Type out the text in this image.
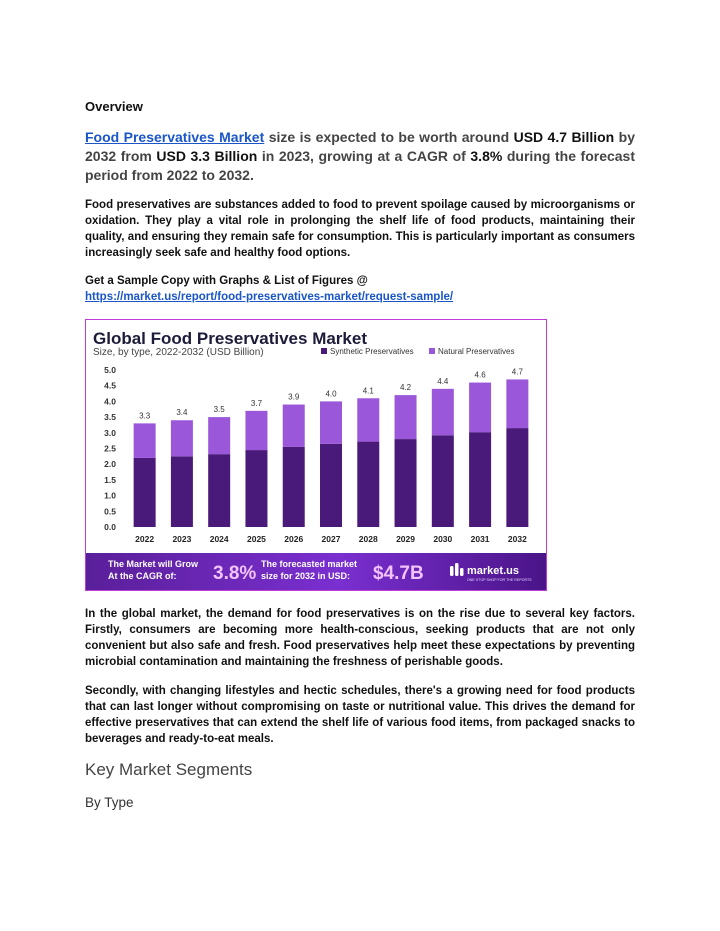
Overview

Food Preservatives Market size is expected to be worth around USD 4.7 Billion by 2032 from USD 3.3 Billion in 2023, growing at a CAGR of 3.8% during the forecast period from 2022 to 2032.

Food preservatives are substances added to food to prevent spoilage caused by microorganisms or oxidation. They play a vital role in prolonging the shelf life of food products, maintaining their quality, and ensuring they remain safe for consumption. This is particularly important as consumers increasingly seek safe and healthy food options.

Get a Sample Copy with Graphs & List of Figures @
https://market.us/report/food-preservatives-market/request-sample/
Global Food Preservatives Market
Size, by type, 2022-2032 (USD Billion)	Synthetic Preservatives	Natural Preservatives
0.0
0.5
1.0
1.5
2.0
2.5
3.0
3.5
4.0
4.5
5.0
3.3	3.4	3.5
3.7
3.9	4.0	4.1	4.2
4.4
4.6	4.7
2022 2023 2024 2025 2026 2027 2028 2029 2030 2031 2032
The Market will Grow
At the CAGR of: 3.8% The forecasted market
size for 2032 in USD: $4.7B	market.us
ONE STOP SHOP FOR THE REPORTS

In the global market, the demand for food preservatives is on the rise due to several key factors. Firstly, consumers are becoming more health-conscious, seeking products that are not only convenient but also safe and fresh. Food preservatives help meet these expectations by preventing microbial contamination and maintaining the freshness of perishable goods.

Secondly, with changing lifestyles and hectic schedules, there's a growing need for food products that can last longer without compromising on taste or nutritional value. This drives the demand for effective preservatives that can extend the shelf life of various food items, from packaged snacks to beverages and ready-to-eat meals.

Key Market Segments
By Type
